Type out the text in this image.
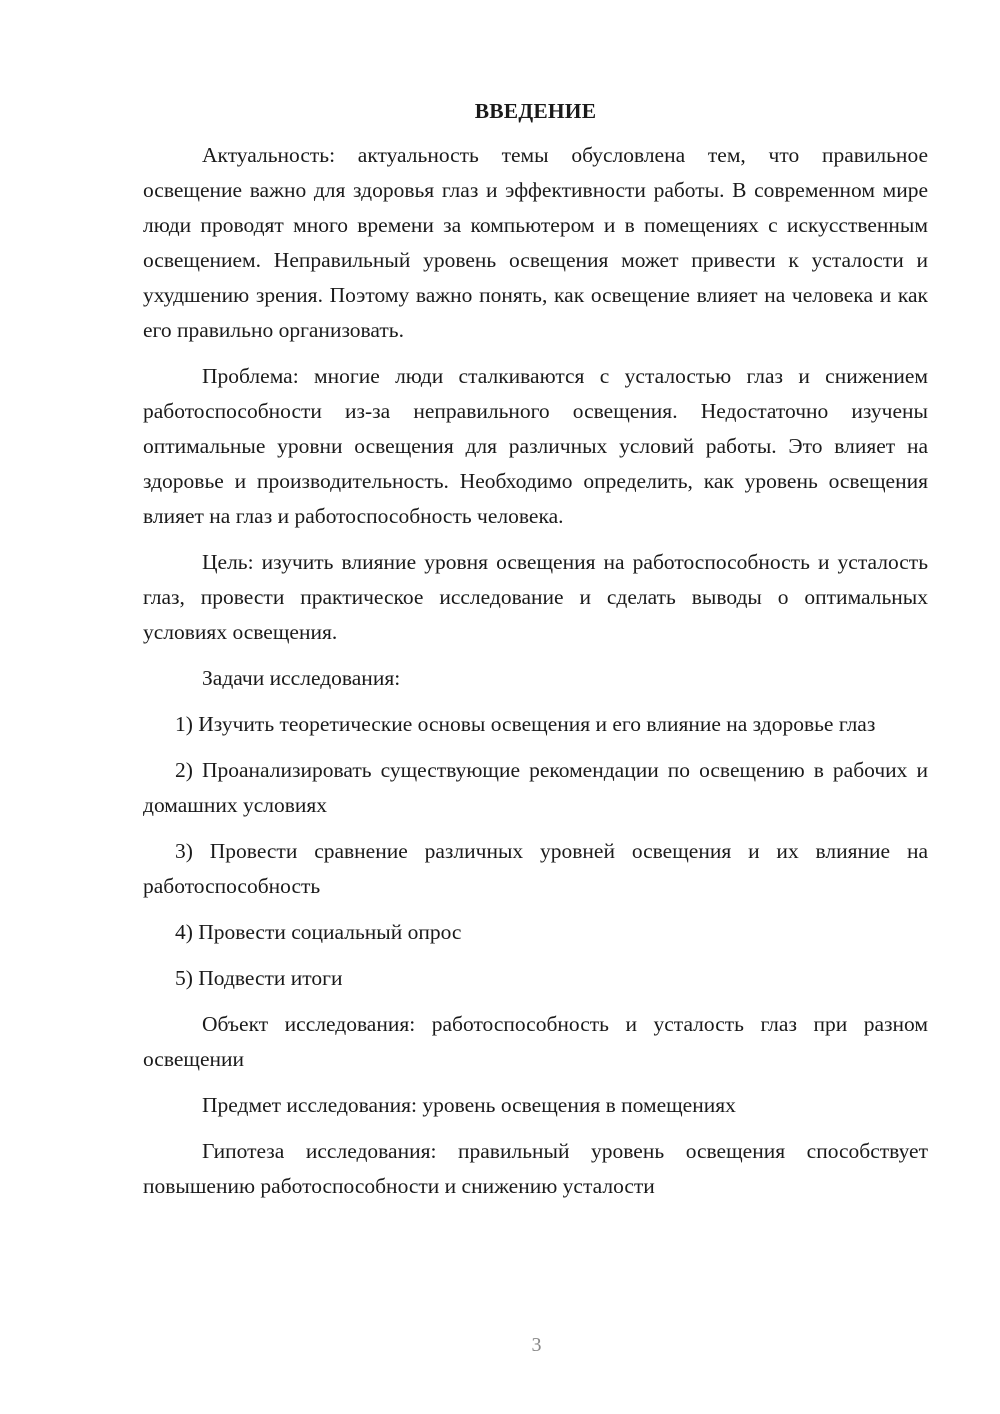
ВВЕДЕНИЕ

Актуальность: актуальность темы обусловлена тем, что правильное освещение важно для здоровья глаз и эффективности работы. В современном мире люди проводят много времени за компьютером и в помещениях с искусственным освещением. Неправильный уровень освещения может привести к усталости и ухудшению зрения. Поэтому важно понять, как освещение влияет на человека и как его правильно организовать.

Проблема: многие люди сталкиваются с усталостью глаз и снижением работоспособности из-за неправильного освещения. Недостаточно изучены оптимальные уровни освещения для различных условий работы. Это влияет на здоровье и производительность. Необходимо определить, как уровень освещения влияет на глаз и работоспособность человека.

Цель: изучить влияние уровня освещения на работоспособность и усталость глаз, провести практическое исследование и сделать выводы о оптимальных условиях освещения.

Задачи исследования:

1) Изучить теоретические основы освещения и его влияние на здоровье глаз

2) Проанализировать существующие рекомендации по освещению в рабочих и домашних условиях

3) Провести сравнение различных уровней освещения и их влияние на работоспособность

4) Провести социальный опрос

5) Подвести итоги

Объект исследования: работоспособность и усталость глаз при разном освещении

Предмет исследования: уровень освещения в помещениях

Гипотеза исследования: правильный уровень освещения способствует повышению работоспособности и снижению усталости

3
